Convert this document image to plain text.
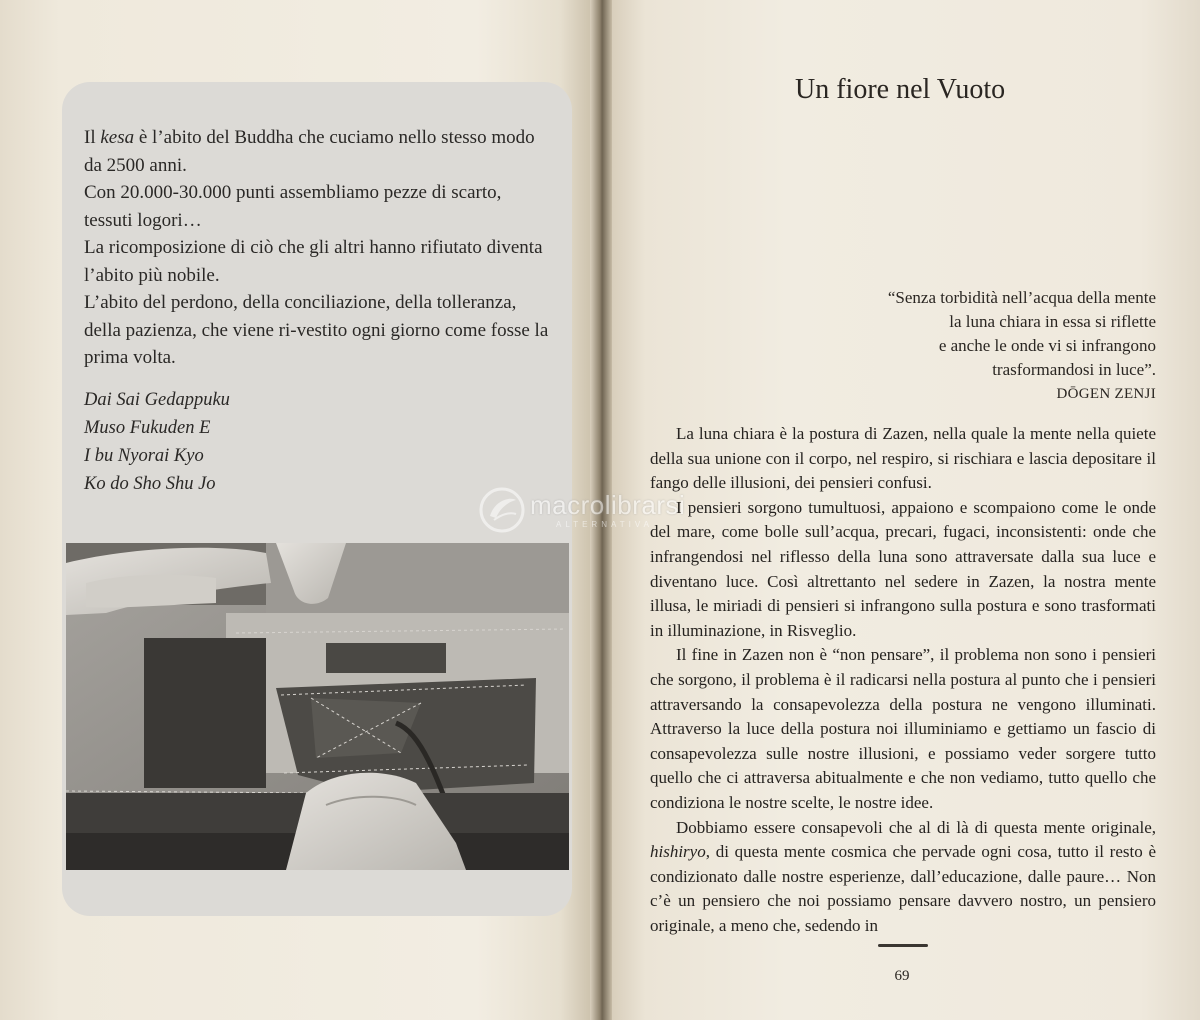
Il kesa è l’abito del Buddha che cuciamo nello stesso modo da 2500 anni.

Con 20.000-30.000 punti assembliamo pezze di scarto, tessuti logori…

La ricomposizione di ciò che gli altri hanno rifiutato diventa l’abito più nobile.

L’abito del perdono, della conciliazione, della tolleranza, della pazienza, che viene ri-vestito ogni giorno come fosse la prima volta.

Dai Sai Gedappuku

Muso Fukuden E

I bu Nyorai Kyo

Ko do Sho Shu Jo

macrolibrarsi
ALTERNATIVA
Un fiore nel Vuoto

“Senza torbidità nell’acqua della mente

la luna chiara in essa si riflette

e anche le onde vi si infrangono

trasformandosi in luce”.

DŌGEN ZENJI

La luna chiara è la postura di Zazen, nella quale la mente nella quiete della sua unione con il corpo, nel respiro, si rischiara e lascia depositare il fango delle illusioni, dei pensieri confusi.

I pensieri sorgono tumultuosi, appaiono e scompaiono come le onde del mare, come bolle sull’acqua, precari, fugaci, inconsistenti: onde che infrangendosi nel riflesso della luna sono attraversate dalla sua luce e diventano luce. Così altrettanto nel sedere in Zazen, la nostra mente illusa, le miriadi di pensieri si infrangono sulla postura e sono trasformati in illuminazione, in Risveglio.

Il fine in Zazen non è “non pensare”, il problema non sono i pensieri che sorgono, il problema è il radicarsi nella postura al punto che i pensieri attraversando la consapevolezza della postura ne vengono illuminati. Attraverso la luce della postura noi illuminiamo e gettiamo un fascio di consapevolezza sulle nostre illusioni, e possiamo veder sorgere tutto quello che ci attraversa abitualmente e che non vediamo, tutto quello che condiziona le nostre scelte, le nostre idee.

Dobbiamo essere consapevoli che al di là di questa mente originale, hishiryo, di questa mente cosmica che pervade ogni cosa, tutto il resto è condizionato dalle nostre esperienze, dall’educazione, dalle paure… Non c’è un pensiero che noi possiamo pensare davvero nostro, un pensiero originale, a meno che, sedendo in

69
